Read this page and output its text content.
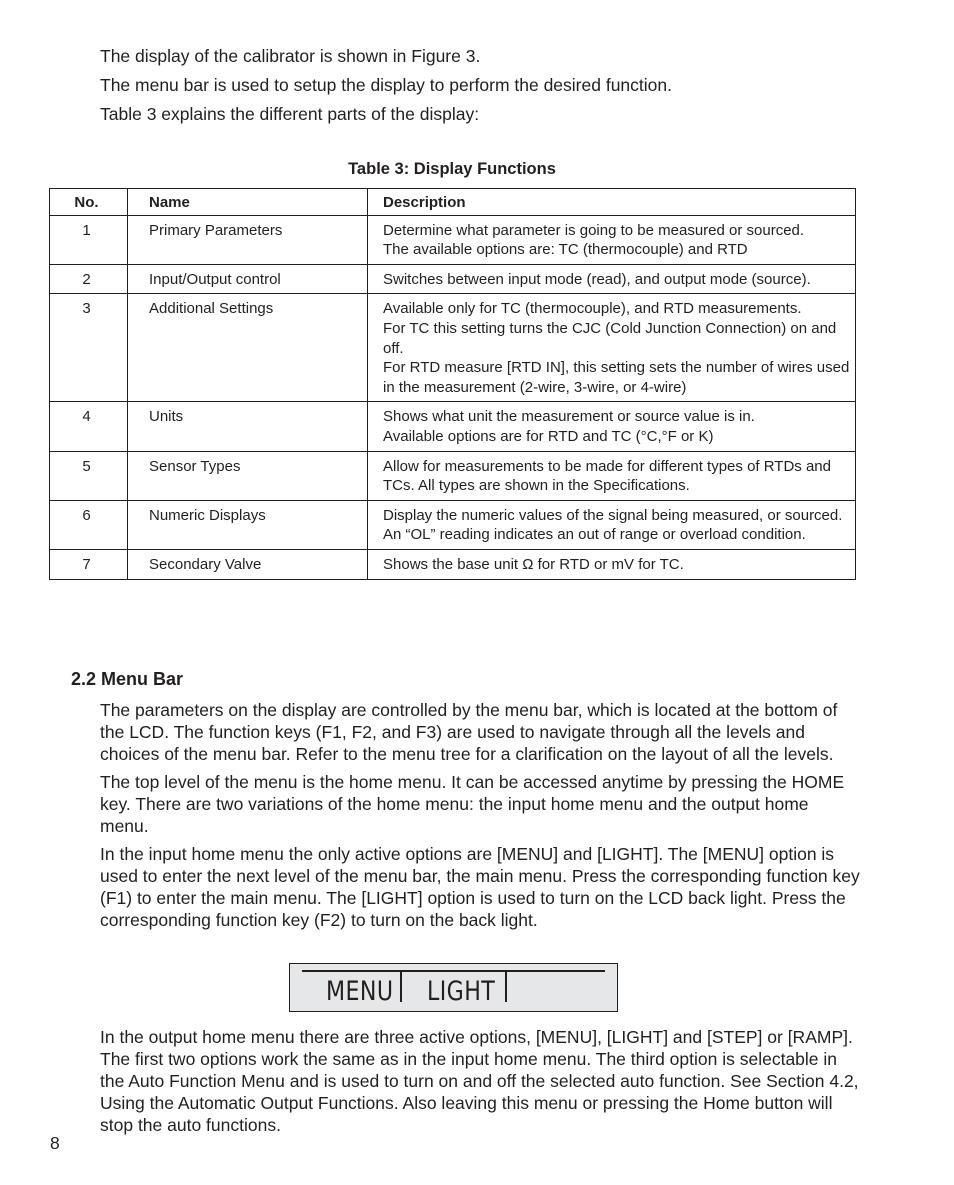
The display of the calibrator is shown in Figure 3.

The menu bar is used to setup the display to perform the desired function.

Table 3 explains the different parts of the display:

Table 3: Display Functions
No.	Name	Description
1	Primary Parameters	Determine what parameter is going to be measured or sourced.
The available options are: TC (thermocouple) and RTD

2	Input/Output control	Switches between input mode (read), and output mode (source).

3	Additional Settings	Available only for TC (thermocouple), and RTD measurements.
For TC this setting turns the CJC (Cold Junction Connection) on and off.
For RTD measure [RTD IN], this setting sets the number of wires used in the measurement (2-wire, 3-wire, or 4-wire)

4	Units	Shows what unit the measurement or source value is in.
Available options are for RTD and TC (°C,°F or K)

5	Sensor Types	Allow for measurements to be made for different types of RTDs and TCs. All types are shown in the Specifications.

6	Numeric Displays	Display the numeric values of the signal being measured, or sourced. An “OL” reading indicates an out of range or overload condition.

7	Secondary Valve	Shows the base unit Ω for RTD or mV for TC.
2.2 Menu Bar

The parameters on the display are controlled by the menu bar, which is located at the bottom of the LCD. The function keys (F1, F2, and F3) are used to navigate through all the levels and choices of the menu bar. Refer to the menu tree for a clarification on the layout of all the levels.

The top level of the menu is the home menu. It can be accessed anytime by pressing the HOME key. There are two variations of the home menu: the input home menu and the output home menu.

In the input home menu the only active options are [MENU] and [LIGHT]. The [MENU] option is used to enter the next level of the menu bar, the main menu. Press the corresponding function key (F1) to enter the main menu. The [LIGHT] option is used to turn on the LCD back light. Press the corresponding function key (F2) to turn on the back light.

MENU LIGHT

In the output home menu there are three active options, [MENU], [LIGHT] and [STEP] or [RAMP]. The first two options work the same as in the input home menu. The third option is selectable in the Auto Function Menu and is used to turn on and off the selected auto function. See Section 4.2, Using the Automatic Output Functions. Also leaving this menu or pressing the Home button will stop the auto functions.

8
